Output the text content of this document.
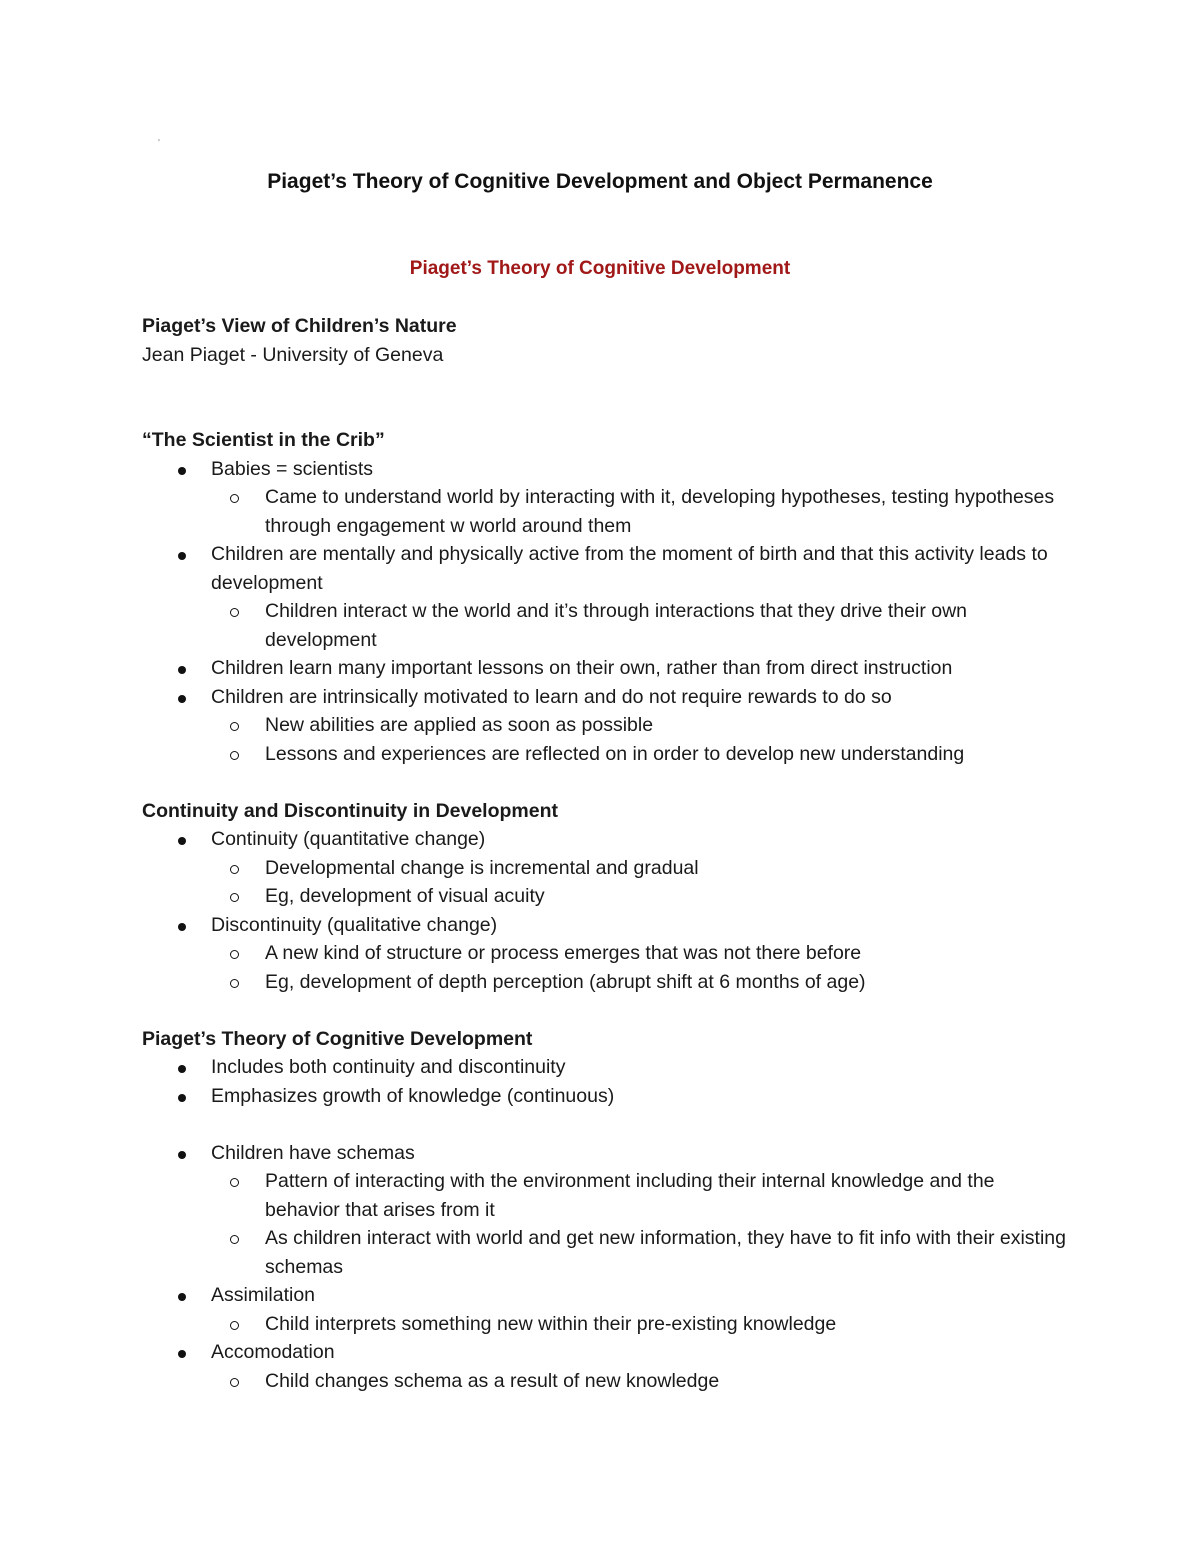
'
Piaget’s Theory of Cognitive Development and Object Permanence
Piaget’s Theory of Cognitive Development

Piaget’s View of Children’s Nature

Jean Piaget - University of Geneva

“The Scientist in the Crib”

Babies = scientists
Came to understand world by interacting with it, developing hypotheses, testing hypotheses through engagement w world around them
Children are mentally and physically active from the moment of birth and that this activity leads to development
Children interact w the world and it’s through interactions that they drive their own development
Children learn many important lessons on their own, rather than from direct instruction
Children are intrinsically motivated to learn and do not require rewards to do so
New abilities are applied as soon as possible
Lessons and experiences are reflected on in order to develop new understanding

Continuity and Discontinuity in Development

Continuity (quantitative change)
Developmental change is incremental and gradual
Eg, development of visual acuity
Discontinuity (qualitative change)
A new kind of structure or process emerges that was not there before
Eg, development of depth perception (abrupt shift at 6 months of age)

Piaget’s Theory of Cognitive Development

Includes both continuity and discontinuity
Emphasizes growth of knowledge (continuous)
Children have schemas
Pattern of interacting with the environment including their internal knowledge and the behavior that arises from it
As children interact with world and get new information, they have to fit info with their existing schemas
Assimilation
Child interprets something new within their pre-existing knowledge
Accomodation
Child changes schema as a result of new knowledge
